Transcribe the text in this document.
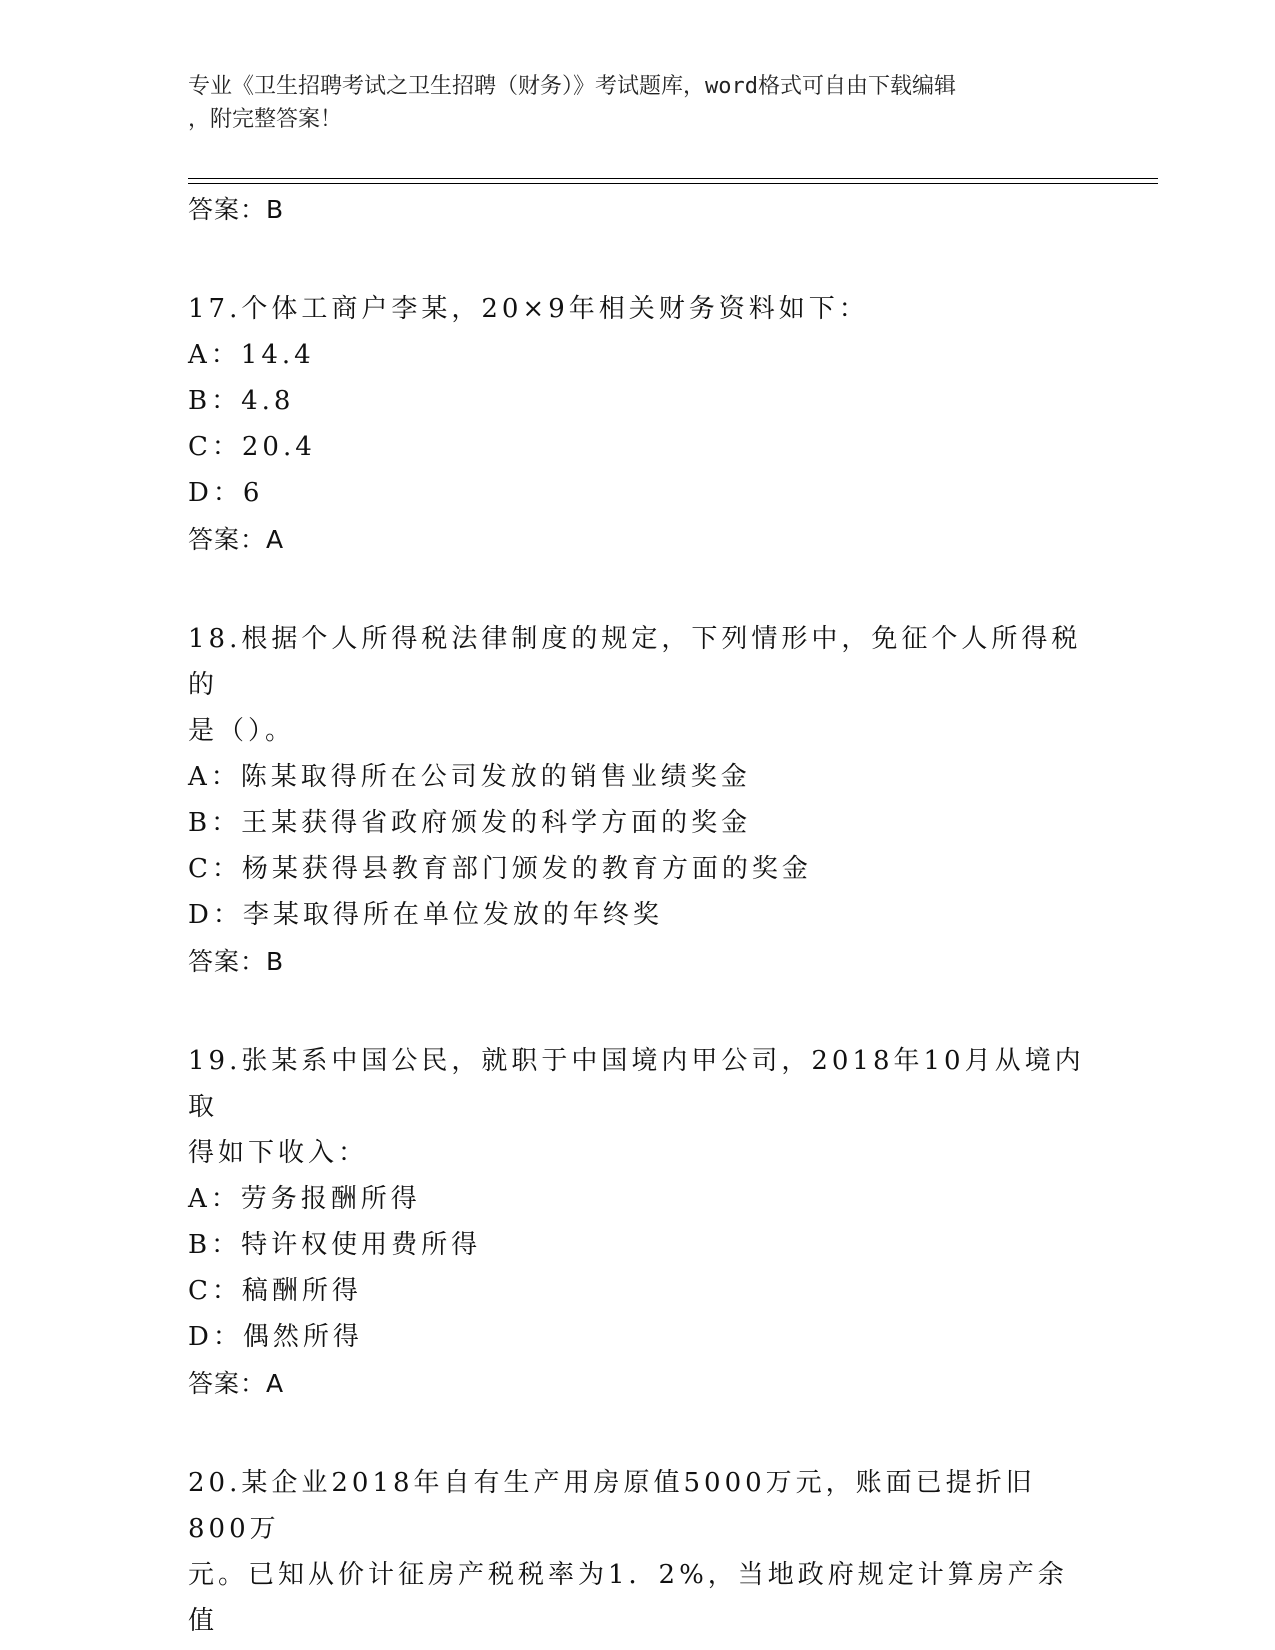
专业《卫生招聘考试之卫生招聘（财务）》考试题库，word格式可自由下载编辑
，附完整答案！
答案：B
17.个体工商户李某，20×9年相关财务资料如下：
A：14.4
B：4.8
C：20.4
D：6
答案：A
18.根据个人所得税法律制度的规定，下列情形中，免征个人所得税的
是（）。
A：陈某取得所在公司发放的销售业绩奖金
B：王某获得省政府颁发的科学方面的奖金
C：杨某获得县教育部门颁发的教育方面的奖金
D：李某取得所在单位发放的年终奖
答案：B
19.张某系中国公民，就职于中国境内甲公司，2018年10月从境内取
得如下收入：
A：劳务报酬所得
B：特许权使用费所得
C：稿酬所得
D：偶然所得
答案：A
20.某企业2018年自有生产用房原值5000万元，账面已提折旧800万
元。已知从价计征房产税税率为1．2%，当地政府规定计算房产余值
